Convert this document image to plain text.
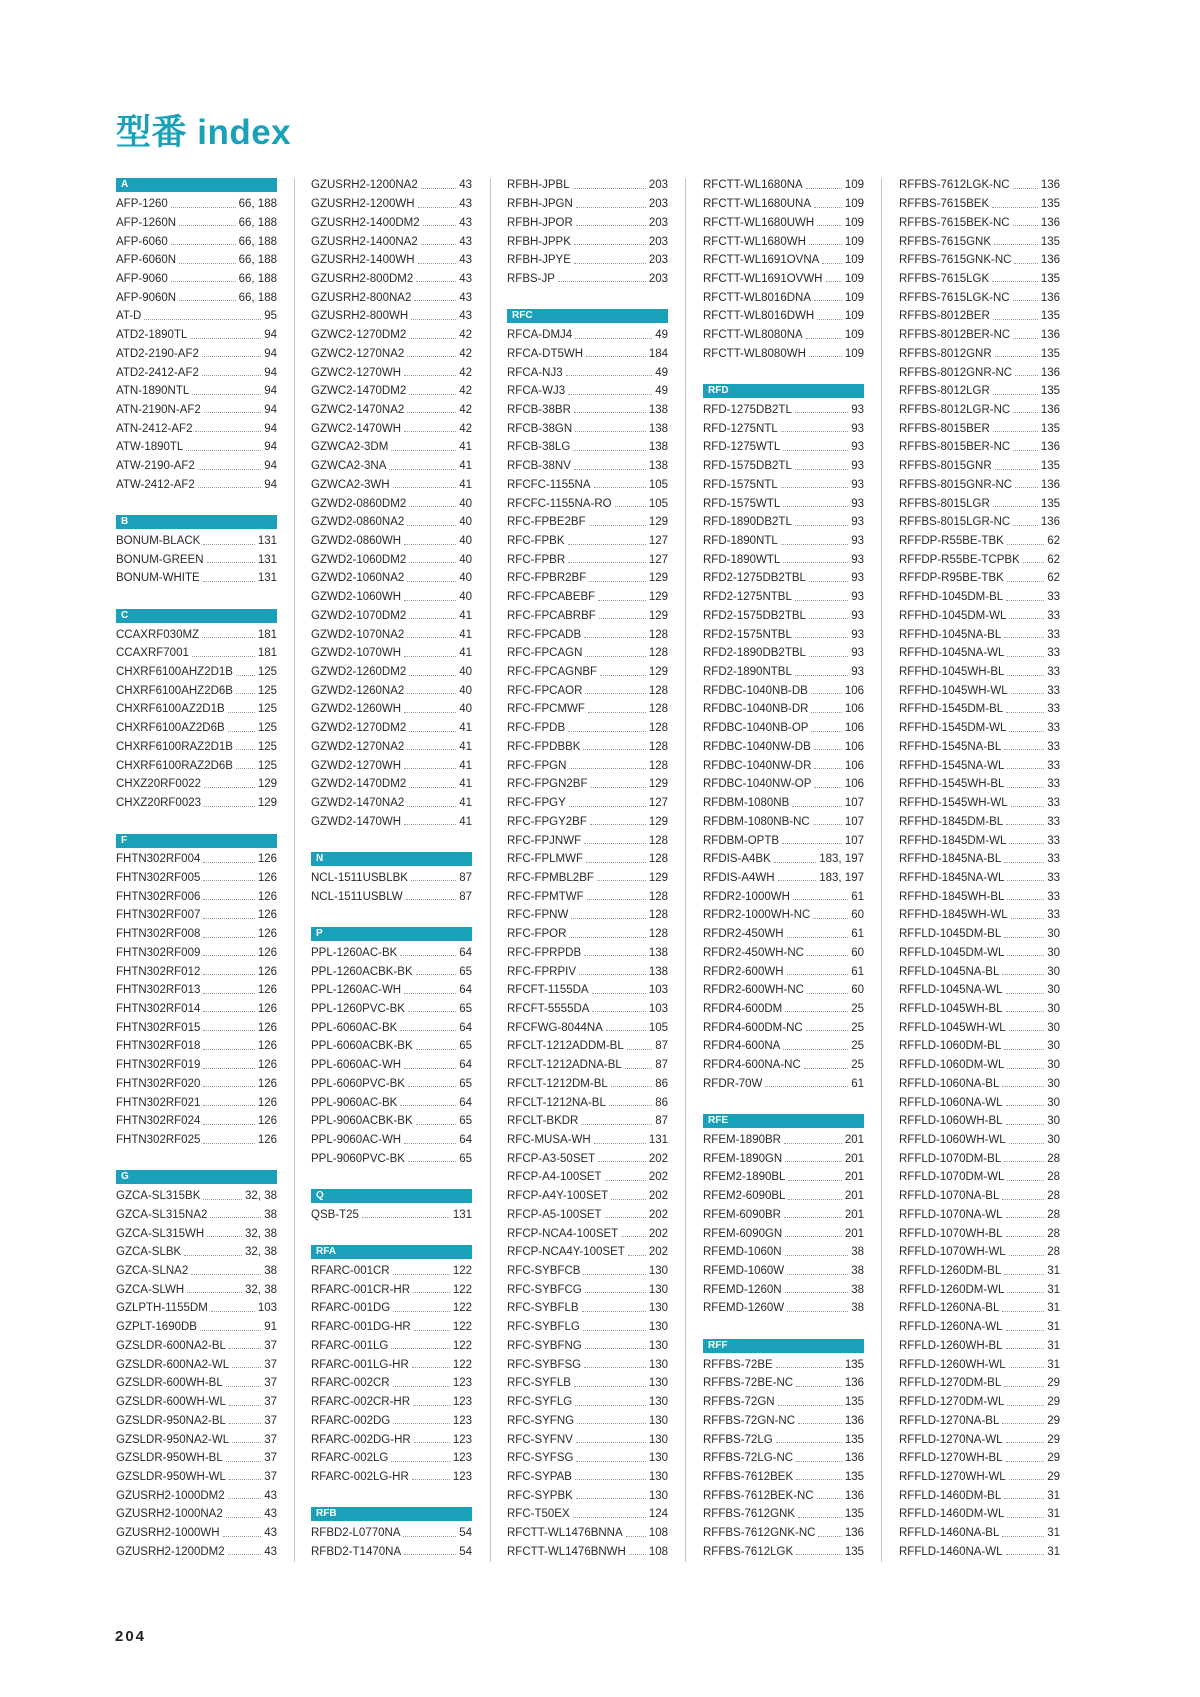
型番 index
A
AFP-1260	66, 188
AFP-1260N	66, 188
AFP-6060	66, 188
AFP-6060N	66, 188
AFP-9060	66, 188
AFP-9060N	66, 188
AT-D	95
ATD2-1890TL	94
ATD2-2190-AF2	94
ATD2-2412-AF2	94
ATN-1890NTL	94
ATN-2190N-AF2	94
ATN-2412-AF2	94
ATW-1890TL	94
ATW-2190-AF2	94
ATW-2412-AF2	94
B
BONUM-BLACK	131
BONUM-GREEN	131
BONUM-WHITE	131
C
CCAXRF030MZ	181
CCAXRF7001	181
CHXRF6100AHZ2D1B 125
CHXRF6100AHZ2D6B 125
CHXRF6100AZ2D1B	125
CHXRF6100AZ2D6B	125
CHXRF6100RAZ2D1B 125
CHXRF6100RAZ2D6B 125
CHXZ20RF0022	129
CHXZ20RF0023	129
F
FHTN302RF004	126
FHTN302RF005	126
FHTN302RF006	126
FHTN302RF007	126
FHTN302RF008	126
FHTN302RF009	126
FHTN302RF012	126
FHTN302RF013	126
FHTN302RF014	126
FHTN302RF015	126
FHTN302RF018	126
FHTN302RF019	126
FHTN302RF020	126
FHTN302RF021	126
FHTN302RF024	126
FHTN302RF025	126
G
GZCA-SL315BK	32, 38
GZCA-SL315NA2	38
GZCA-SL315WH	32, 38
GZCA-SLBK	32, 38
GZCA-SLNA2	38
GZCA-SLWH	32, 38
GZLPTH-1155DM	103
GZPLT-1690DB	91
GZSLDR-600NA2-BL	37
GZSLDR-600NA2-WL	37
GZSLDR-600WH-BL	37
GZSLDR-600WH-WL	37
GZSLDR-950NA2-BL	37
GZSLDR-950NA2-WL	37
GZSLDR-950WH-BL	37
GZSLDR-950WH-WL	37
GZUSRH2-1000DM2	43
GZUSRH2-1000NA2	43
GZUSRH2-1000WH	43
GZUSRH2-1200DM2	43
GZUSRH2-1200NA2	43
GZUSRH2-1200WH	43
GZUSRH2-1400DM2	43
GZUSRH2-1400NA2	43
GZUSRH2-1400WH	43
GZUSRH2-800DM2	43
GZUSRH2-800NA2	43
GZUSRH2-800WH	43
GZWC2-1270DM2	42
GZWC2-1270NA2	42
GZWC2-1270WH	42
GZWC2-1470DM2	42
GZWC2-1470NA2	42
GZWC2-1470WH	42
GZWCA2-3DM	41
GZWCA2-3NA	41
GZWCA2-3WH	41
GZWD2-0860DM2	40
GZWD2-0860NA2	40
GZWD2-0860WH	40
GZWD2-1060DM2	40
GZWD2-1060NA2	40
GZWD2-1060WH	40
GZWD2-1070DM2	41
GZWD2-1070NA2	41
GZWD2-1070WH	41
GZWD2-1260DM2	40
GZWD2-1260NA2	40
GZWD2-1260WH	40
GZWD2-1270DM2	41
GZWD2-1270NA2	41
GZWD2-1270WH	41
GZWD2-1470DM2	41
GZWD2-1470NA2	41
GZWD2-1470WH	41
N
NCL-1511USBLBK	87
NCL-1511USBLW	87
P
PPL-1260AC-BK	64
PPL-1260ACBK-BK	65
PPL-1260AC-WH	64
PPL-1260PVC-BK	65
PPL-6060AC-BK	64
PPL-6060ACBK-BK	65
PPL-6060AC-WH	64
PPL-6060PVC-BK	65
PPL-9060AC-BK	64
PPL-9060ACBK-BK	65
PPL-9060AC-WH	64
PPL-9060PVC-BK	65
Q
QSB-T25	131
RFA
RFARC-001CR	122
RFARC-001CR-HR	122
RFARC-001DG	122
RFARC-001DG-HR	122
RFARC-001LG	122
RFARC-001LG-HR	122
RFARC-002CR	123
RFARC-002CR-HR	123
RFARC-002DG	123
RFARC-002DG-HR	123
RFARC-002LG	123
RFARC-002LG-HR	123
RFB
RFBD2-L0770NA	54
RFBD2-T1470NA	54
RFBH-JPBL	203
RFBH-JPGN	203
RFBH-JPOR	203
RFBH-JPPK	203
RFBH-JPYE	203
RFBS-JP	203
RFC
RFCA-DMJ4	49
RFCA-DT5WH	184
RFCA-NJ3	49
RFCA-WJ3	49
RFCB-38BR	138
RFCB-38GN	138
RFCB-38LG	138
RFCB-38NV	138
RFCFC-1155NA	105
RFCFC-1155NA-RO	105
RFC-FPBE2BF	129
RFC-FPBK	127
RFC-FPBR	127
RFC-FPBR2BF	129
RFC-FPCABEBF	129
RFC-FPCABRBF	129
RFC-FPCADB	128
RFC-FPCAGN	128
RFC-FPCAGNBF	129
RFC-FPCAOR	128
RFC-FPCMWF	128
RFC-FPDB	128
RFC-FPDBBK	128
RFC-FPGN	128
RFC-FPGN2BF	129
RFC-FPGY	127
RFC-FPGY2BF	129
RFC-FPJNWF	128
RFC-FPLMWF	128
RFC-FPMBL2BF	129
RFC-FPMTWF	128
RFC-FPNW	128
RFC-FPOR	128
RFC-FPRPDB	138
RFC-FPRPIV	138
RFCFT-1155DA	103
RFCFT-5555DA	103
RFCFWG-8044NA	105
RFCLT-1212ADDM-BL	87
RFCLT-1212ADNA-BL	87
RFCLT-1212DM-BL	86
RFCLT-1212NA-BL	86
RFCLT-BKDR	87
RFC-MUSA-WH	131
RFCP-A3-50SET	202
RFCP-A4-100SET	202
RFCP-A4Y-100SET	202
RFCP-A5-100SET	202
RFCP-NCA4-100SET	202
RFCP-NCA4Y-100SET 202
RFC-SYBFCB	130
RFC-SYBFCG	130
RFC-SYBFLB	130
RFC-SYBFLG	130
RFC-SYBFNG	130
RFC-SYBFSG	130
RFC-SYFLB	130
RFC-SYFLG	130
RFC-SYFNG	130
RFC-SYFNV	130
RFC-SYFSG	130
RFC-SYPAB	130
RFC-SYPBK	130
RFC-T50EX	124
RFCTT-WL1476BNNA 108
RFCTT-WL1476BNWH 108
RFCTT-WL1680NA	109
RFCTT-WL1680UNA	109
RFCTT-WL1680UWH	109
RFCTT-WL1680WH	109
RFCTT-WL1691OVNA 109
RFCTT-WL1691OVWH 109
RFCTT-WL8016DNA	109
RFCTT-WL8016DWH	109
RFCTT-WL8080NA	109
RFCTT-WL8080WH	109
RFD
RFD-1275DB2TL	93
RFD-1275NTL	93
RFD-1275WTL	93
RFD-1575DB2TL	93
RFD-1575NTL	93
RFD-1575WTL	93
RFD-1890DB2TL	93
RFD-1890NTL	93
RFD-1890WTL	93
RFD2-1275DB2TBL	93
RFD2-1275NTBL	93
RFD2-1575DB2TBL	93
RFD2-1575NTBL	93
RFD2-1890DB2TBL	93
RFD2-1890NTBL	93
RFDBC-1040NB-DB	106
RFDBC-1040NB-DR	106
RFDBC-1040NB-OP	106
RFDBC-1040NW-DB	106
RFDBC-1040NW-DR	106
RFDBC-1040NW-OP	106
RFDBM-1080NB	107
RFDBM-1080NB-NC	107
RFDBM-OPTB	107
RFDIS-A4BK	183, 197
RFDIS-A4WH	183, 197
RFDR2-1000WH	61
RFDR2-1000WH-NC	60
RFDR2-450WH	61
RFDR2-450WH-NC	60
RFDR2-600WH	61
RFDR2-600WH-NC	60
RFDR4-600DM	25
RFDR4-600DM-NC	25
RFDR4-600NA	25
RFDR4-600NA-NC	25
RFDR-70W	61
RFE
RFEM-1890BR	201
RFEM-1890GN	201
RFEM2-1890BL	201
RFEM2-6090BL	201
RFEM-6090BR	201
RFEM-6090GN	201
RFEMD-1060N	38
RFEMD-1060W	38
RFEMD-1260N	38
RFEMD-1260W	38
RFF
RFFBS-72BE	135
RFFBS-72BE-NC	136
RFFBS-72GN	135
RFFBS-72GN-NC	136
RFFBS-72LG	135
RFFBS-72LG-NC	136
RFFBS-7612BEK	135
RFFBS-7612BEK-NC	136
RFFBS-7612GNK	135
RFFBS-7612GNK-NC	136
RFFBS-7612LGK	135
RFFBS-7612LGK-NC	136
RFFBS-7615BEK	135
RFFBS-7615BEK-NC	136
RFFBS-7615GNK	135
RFFBS-7615GNK-NC	136
RFFBS-7615LGK	135
RFFBS-7615LGK-NC	136
RFFBS-8012BER	135
RFFBS-8012BER-NC	136
RFFBS-8012GNR	135
RFFBS-8012GNR-NC 136
RFFBS-8012LGR	135
RFFBS-8012LGR-NC	136
RFFBS-8015BER	135
RFFBS-8015BER-NC	136
RFFBS-8015GNR	135
RFFBS-8015GNR-NC 136
RFFBS-8015LGR	135
RFFBS-8015LGR-NC	136
RFFDP-R55BE-TBK	62
RFFDP-R55BE-TCPBK 62
RFFDP-R95BE-TBK	62
RFFHD-1045DM-BL	33
RFFHD-1045DM-WL	33
RFFHD-1045NA-BL	33
RFFHD-1045NA-WL	33
RFFHD-1045WH-BL	33
RFFHD-1045WH-WL	33
RFFHD-1545DM-BL	33
RFFHD-1545DM-WL	33
RFFHD-1545NA-BL	33
RFFHD-1545NA-WL	33
RFFHD-1545WH-BL	33
RFFHD-1545WH-WL	33
RFFHD-1845DM-BL	33
RFFHD-1845DM-WL	33
RFFHD-1845NA-BL	33
RFFHD-1845NA-WL	33
RFFHD-1845WH-BL	33
RFFHD-1845WH-WL	33
RFFLD-1045DM-BL	30
RFFLD-1045DM-WL	30
RFFLD-1045NA-BL	30
RFFLD-1045NA-WL	30
RFFLD-1045WH-BL	30
RFFLD-1045WH-WL	30
RFFLD-1060DM-BL	30
RFFLD-1060DM-WL	30
RFFLD-1060NA-BL	30
RFFLD-1060NA-WL	30
RFFLD-1060WH-BL	30
RFFLD-1060WH-WL	30
RFFLD-1070DM-BL	28
RFFLD-1070DM-WL	28
RFFLD-1070NA-BL	28
RFFLD-1070NA-WL	28
RFFLD-1070WH-BL	28
RFFLD-1070WH-WL	28
RFFLD-1260DM-BL	31
RFFLD-1260DM-WL	31
RFFLD-1260NA-BL	31
RFFLD-1260NA-WL	31
RFFLD-1260WH-BL	31
RFFLD-1260WH-WL	31
RFFLD-1270DM-BL	29
RFFLD-1270DM-WL	29
RFFLD-1270NA-BL	29
RFFLD-1270NA-WL	29
RFFLD-1270WH-BL	29
RFFLD-1270WH-WL	29
RFFLD-1460DM-BL	31
RFFLD-1460DM-WL	31
RFFLD-1460NA-BL	31
RFFLD-1460NA-WL	31
204
